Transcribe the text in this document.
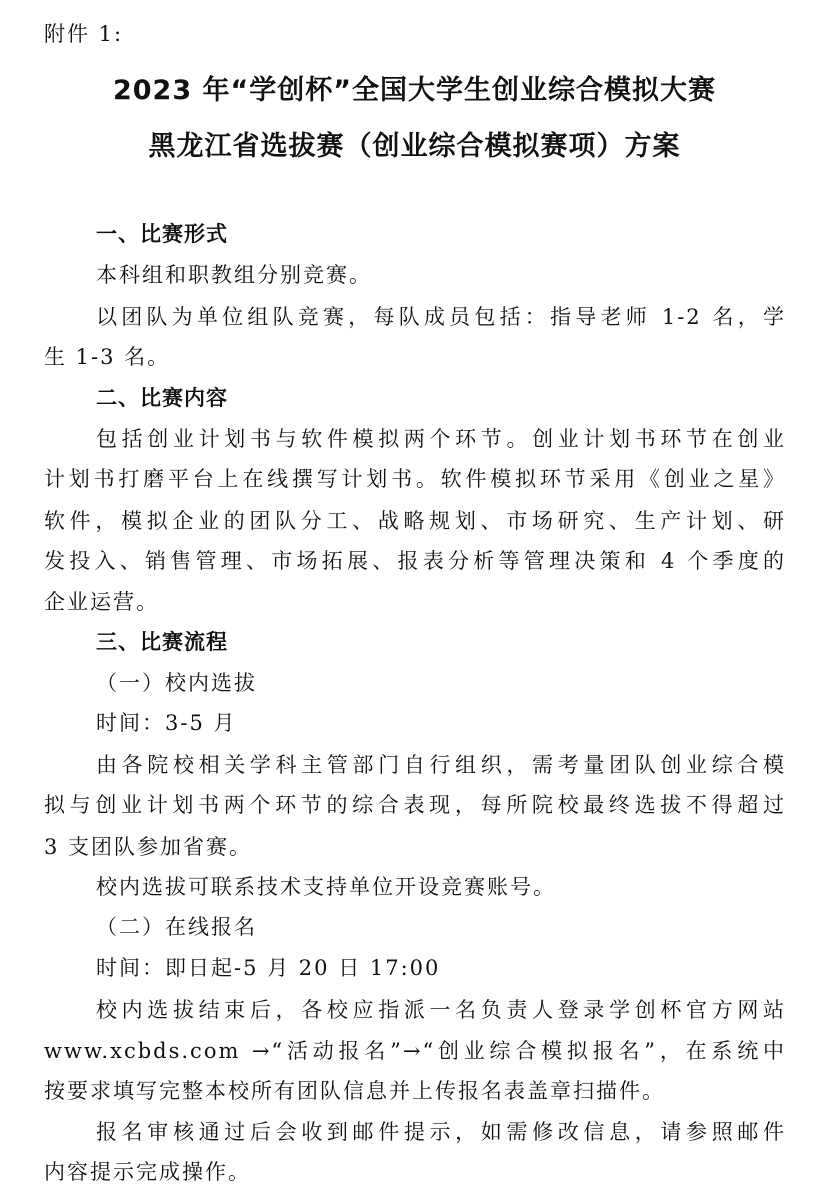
附件 1:
2023 年“学创杯”全国大学生创业综合模拟大赛
黑龙江省选拔赛（创业综合模拟赛项）方案
一、比赛形式
本科组和职教组分别竞赛。
以团队为单位组队竞赛，每队成员包括：指导老师 1-2 名，学
生 1-3 名。
二、比赛内容
包括创业计划书与软件模拟两个环节。创业计划书环节在创业
计划书打磨平台上在线撰写计划书。软件模拟环节采用《创业之星》
软件，模拟企业的团队分工、战略规划、市场研究、生产计划、研
发投入、销售管理、市场拓展、报表分析等管理决策和 4 个季度的
企业运营。
三、比赛流程
（一）校内选拔
时间：3-5 月
由各院校相关学科主管部门自行组织，需考量团队创业综合模
拟与创业计划书两个环节的综合表现，每所院校最终选拔不得超过
3 支团队参加省赛。
校内选拔可联系技术支持单位开设竞赛账号。
（二）在线报名
时间：即日起-5 月 20 日 17:00
校内选拔结束后，各校应指派一名负责人登录学创杯官方网站
www.xcbds.com →“活动报名”→“创业综合模拟报名”，在系统中
按要求填写完整本校所有团队信息并上传报名表盖章扫描件。
报名审核通过后会收到邮件提示，如需修改信息，请参照邮件
内容提示完成操作。
